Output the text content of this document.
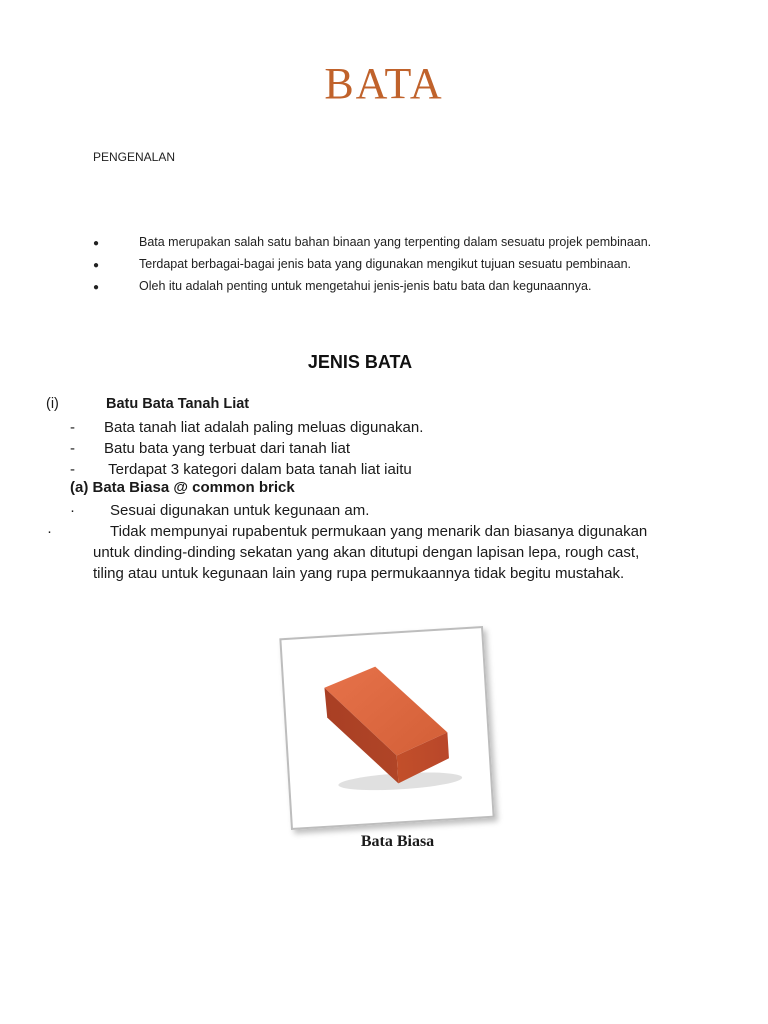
BATA
PENGENALAN
●	Bata merupakan salah satu bahan binaan yang terpenting dalam sesuatu projek pembinaan.
●	Terdapat berbagai-bagai jenis bata yang digunakan mengikut tujuan sesuatu pembinaan.
●	Oleh itu adalah penting untuk mengetahui jenis-jenis batu bata dan kegunaannya.
JENIS BATA
(i)	Batu Bata Tanah Liat
- Bata tanah liat adalah paling meluas digunakan.
- Batu bata yang terbuat dari tanah liat
- Terdapat 3 kategori dalam bata tanah liat iaitu
(a) Bata Biasa @ common brick
· Sesuai digunakan untuk kegunaan am.
·	Tidak mempunyai rupabentuk permukaan yang menarik dan biasanya digunakan untuk dinding-dinding sekatan yang akan ditutupi dengan lapisan lepa, rough cast, tiling atau untuk kegunaan lain yang rupa permukaannya tidak begitu mustahak.
Bata Biasa
